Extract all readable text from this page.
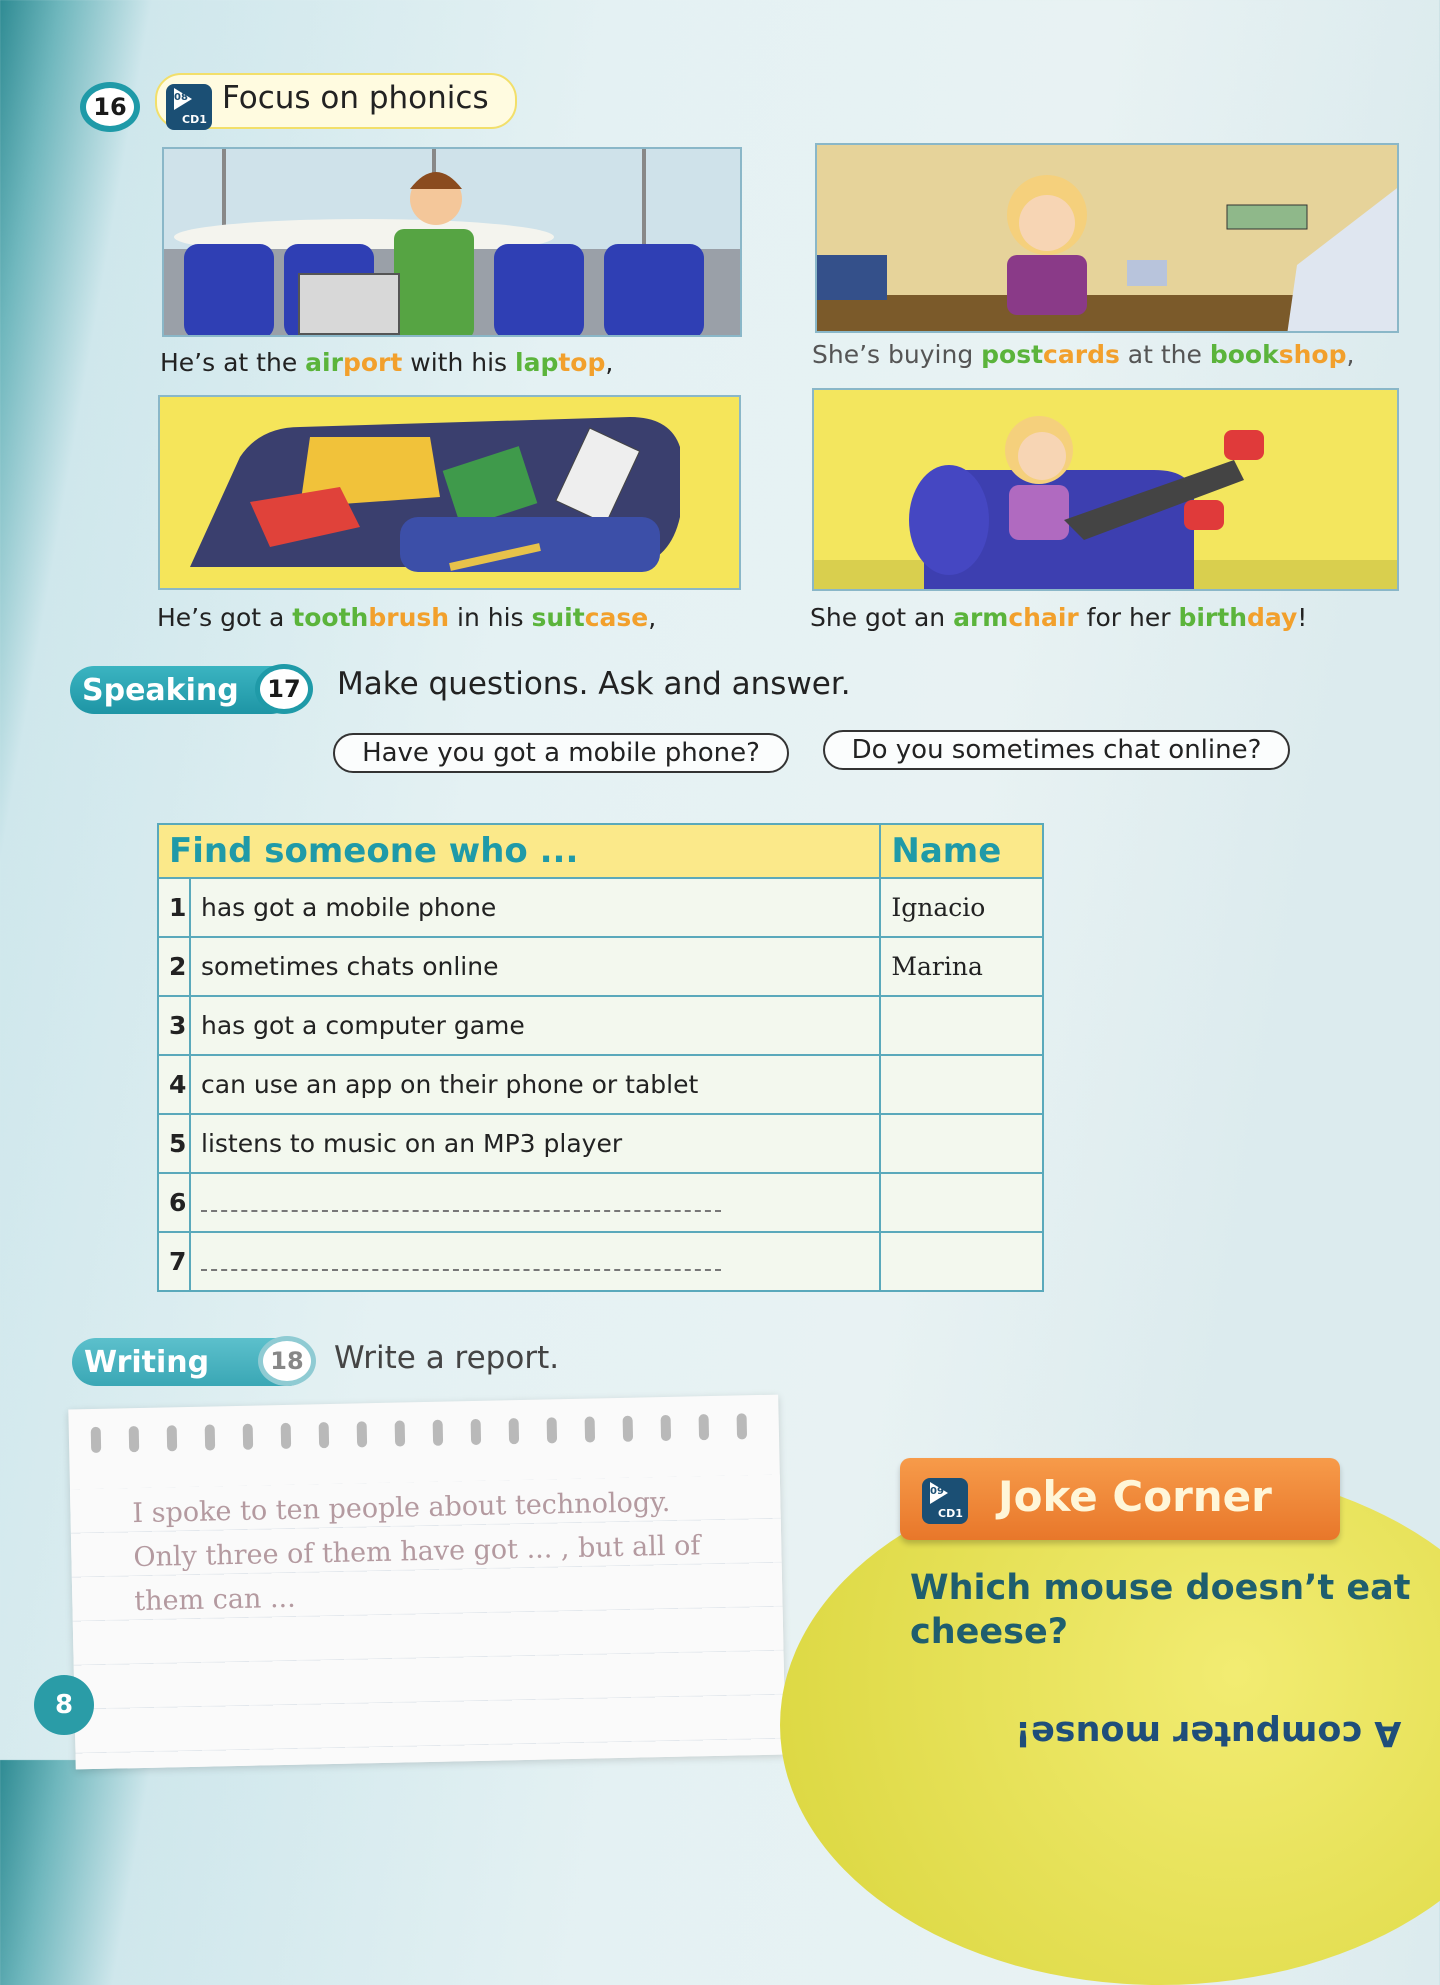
16	08
CD1
Focus on phonics
He’s at the airport with his laptop,	She’s buying postcards at the bookshop,
He’s got a toothbrush in his suitcase,	She got an armchair for her birthday!
Speaking	17	Make questions. Ask and answer.
Have you got a mobile phone?	Do you sometimes chat online?
Find someone who ...		Name
1	has got a mobile phone	Ignacio
2	sometimes chats online	Marina
3	has got a computer game	
4	can use an app on their phone or tablet	
5	listens to music on an MP3 player	
6		
7		
Writing	18 Write a report.
I spoke to ten people about technology.
Only three of them have got ... , but all of
them can ...
09
CD1 Joke Corner
Which mouse doesn’t eat
cheese?
A computer mouse!
8
